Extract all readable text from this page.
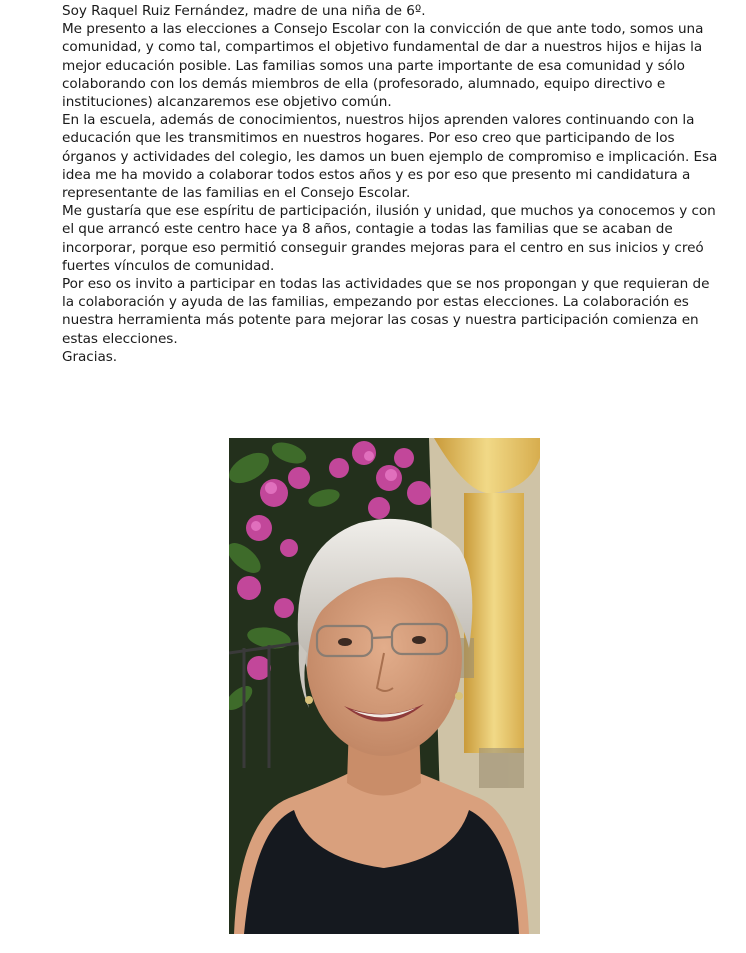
Soy Raquel Ruiz Fernández, madre de una niña de 6º.

Me presento a las elecciones a Consejo Escolar con la convicción de que ante todo, somos una comunidad, y como tal, compartimos el objetivo fundamental de dar a nuestros hijos e hijas la mejor educación posible. Las familias somos una parte importante de esa comunidad y sólo colaborando con los demás miembros de ella (profesorado, alumnado, equipo directivo e instituciones) alcanzaremos ese objetivo común.

En la escuela, además de conocimientos, nuestros hijos aprenden valores continuando con la educación que les transmitimos en nuestros hogares. Por eso creo que participando de los órganos y actividades del colegio, les damos un buen ejemplo de compromiso e implicación. Esa idea me ha movido a colaborar todos estos años y es por eso que presento mi candidatura a representante de las familias en el Consejo Escolar.

Me gustaría que ese espíritu de participación, ilusión y unidad, que muchos ya conocemos y con el que arrancó este centro hace ya 8 años, contagie a todas las familias que se acaban de incorporar, porque eso permitió conseguir grandes mejoras para el centro en sus inicios y creó fuertes vínculos de comunidad.

Por eso os invito a participar en todas las actividades que se nos propongan y que requieran de la colaboración y ayuda de las familias, empezando por estas elecciones. La colaboración es nuestra herramienta más potente para mejorar las cosas y nuestra participación comienza en estas elecciones.

Gracias.
